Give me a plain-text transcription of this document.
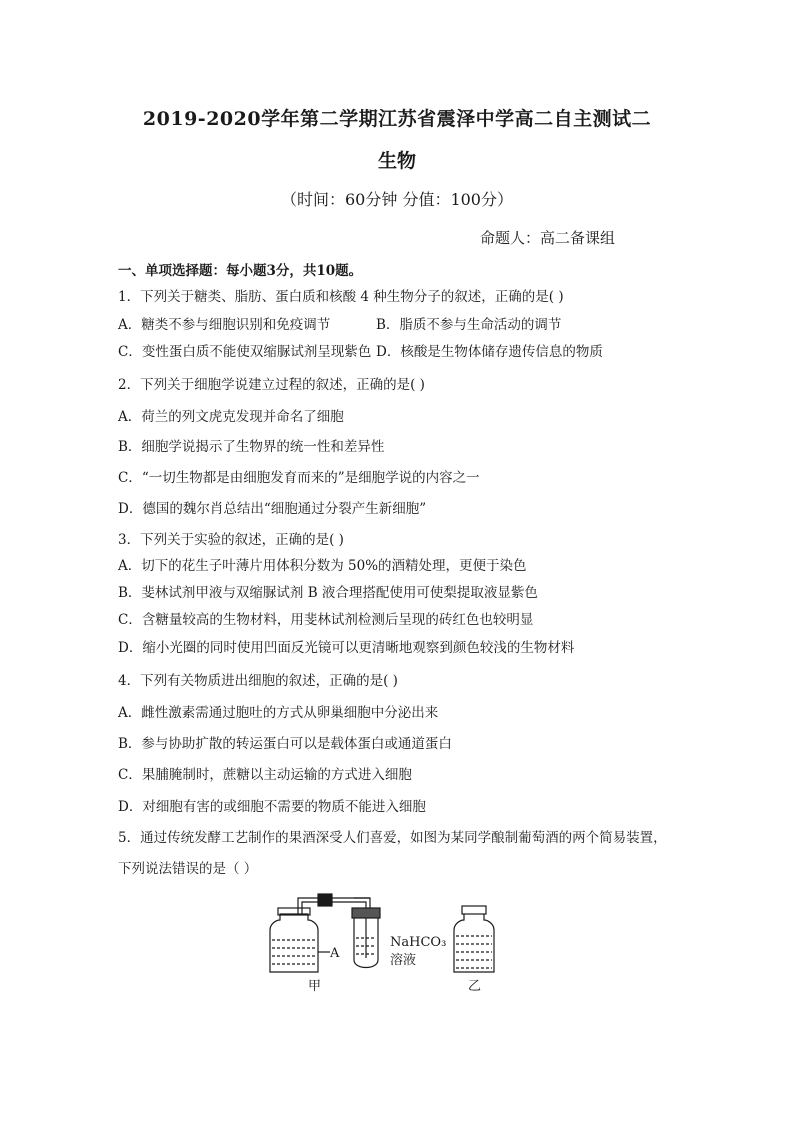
2019-2020学年第二学期江苏省震泽中学高二自主测试二
生物
（时间：60分钟 分值：100分）
命题人：高二备课组
一、单项选择题：每小题3分，共10题。
1．下列关于糖类、脂肪、蛋白质和核酸 4 种生物分子的叙述，正确的是( )
A．糖类不参与细胞识别和免疫调节	B．脂质不参与生命活动的调节
C．变性蛋白质不能使双缩脲试剂呈现紫色 D．核酸是生物体储存遗传信息的物质
2．下列关于细胞学说建立过程的叙述，正确的是( )
A．荷兰的列文虎克发现并命名了细胞
B．细胞学说揭示了生物界的统一性和差异性
C．“一切生物都是由细胞发育而来的”是细胞学说的内容之一
D．德国的魏尔肖总结出“细胞通过分裂产生新细胞”
3．下列关于实验的叙述，正确的是( )
A．切下的花生子叶薄片用体积分数为 50%的酒精处理，更便于染色
B．斐林试剂甲液与双缩脲试剂 B 液合理搭配使用可使梨提取液显紫色
C．含糖量较高的生物材料，用斐林试剂检测后呈现的砖红色也较明显
D．缩小光圈的同时使用凹面反光镜可以更清晰地观察到颜色较浅的生物材料
4．下列有关物质进出细胞的叙述，正确的是( )
A．雌性激素需通过胞吐的方式从卵巢细胞中分泌出来
B．参与协助扩散的转运蛋白可以是载体蛋白或通道蛋白
C．果脯腌制时，蔗糖以主动运输的方式进入细胞
D．对细胞有害的或细胞不需要的物质不能进入细胞
5．通过传统发酵工艺制作的果酒深受人们喜爱，如图为某同学酿制葡萄酒的两个简易装置，
下列说法错误的是（ ）
A
甲
NaHCO₃
溶液
乙
